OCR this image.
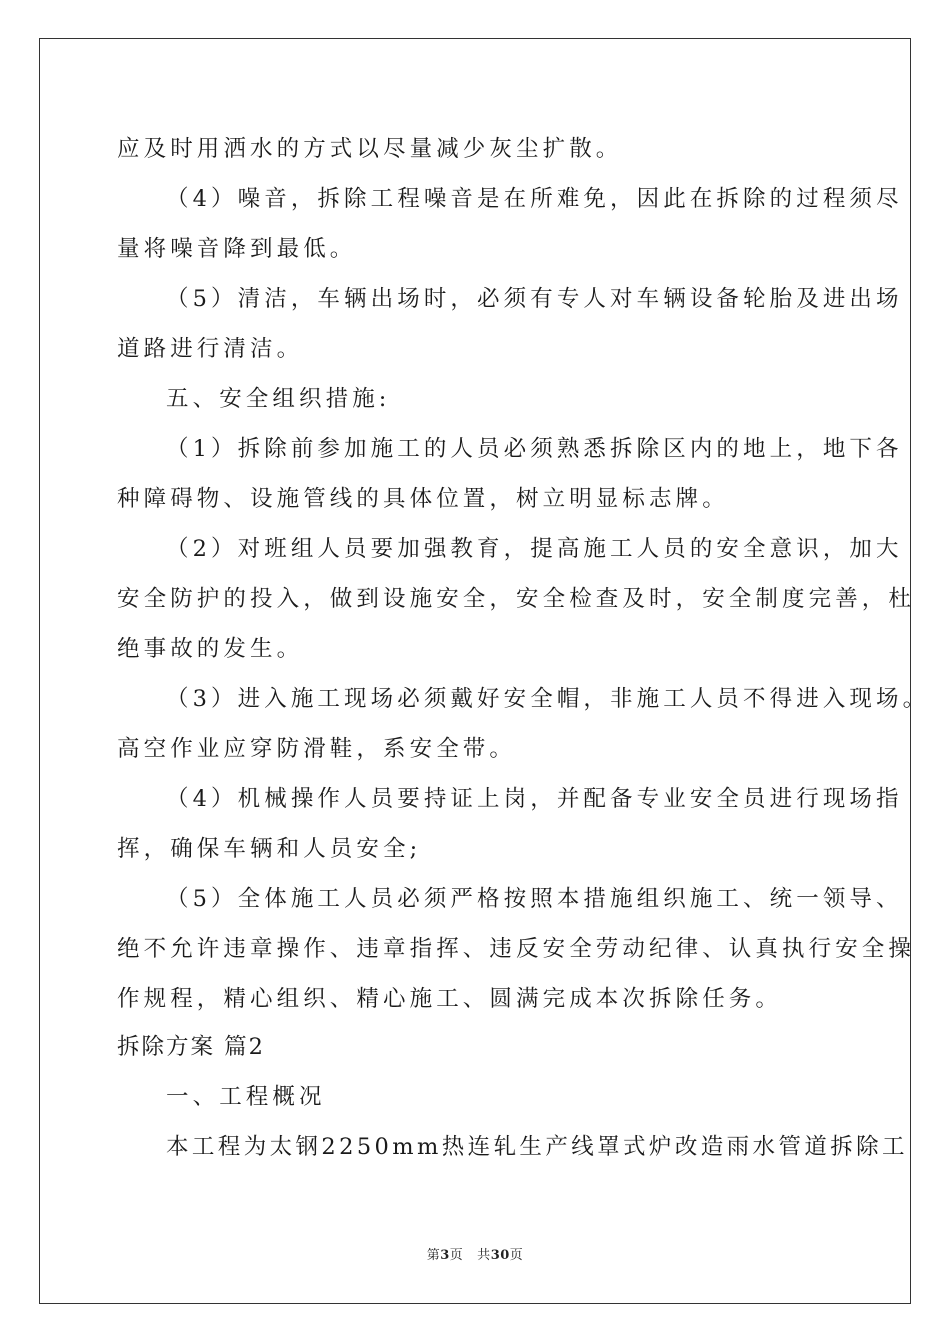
应及时用洒水的方式以尽量减少灰尘扩散。
（4）噪音，拆除工程噪音是在所难免，因此在拆除的过程须尽
量将噪音降到最低。
（5）清洁，车辆出场时，必须有专人对车辆设备轮胎及进出场
道路进行清洁。
五、安全组织措施:
（1）拆除前参加施工的人员必须熟悉拆除区内的地上，地下各
种障碍物、设施管线的具体位置，树立明显标志牌。
（2）对班组人员要加强教育，提高施工人员的安全意识，加大
安全防护的投入，做到设施安全，安全检查及时，安全制度完善，杜
绝事故的发生。
（3）进入施工现场必须戴好安全帽，非施工人员不得进入现场。
高空作业应穿防滑鞋，系安全带。
（4）机械操作人员要持证上岗，并配备专业安全员进行现场指
挥，确保车辆和人员安全;
（5）全体施工人员必须严格按照本措施组织施工、统一领导、
绝不允许违章操作、违章指挥、违反安全劳动纪律、认真执行安全操
作规程，精心组织、精心施工、圆满完成本次拆除任务。
拆除方案 篇2
一、工程概况
本工程为太钢2250mm热连轧生产线罩式炉改造雨水管道拆除工
第3页 共30页
